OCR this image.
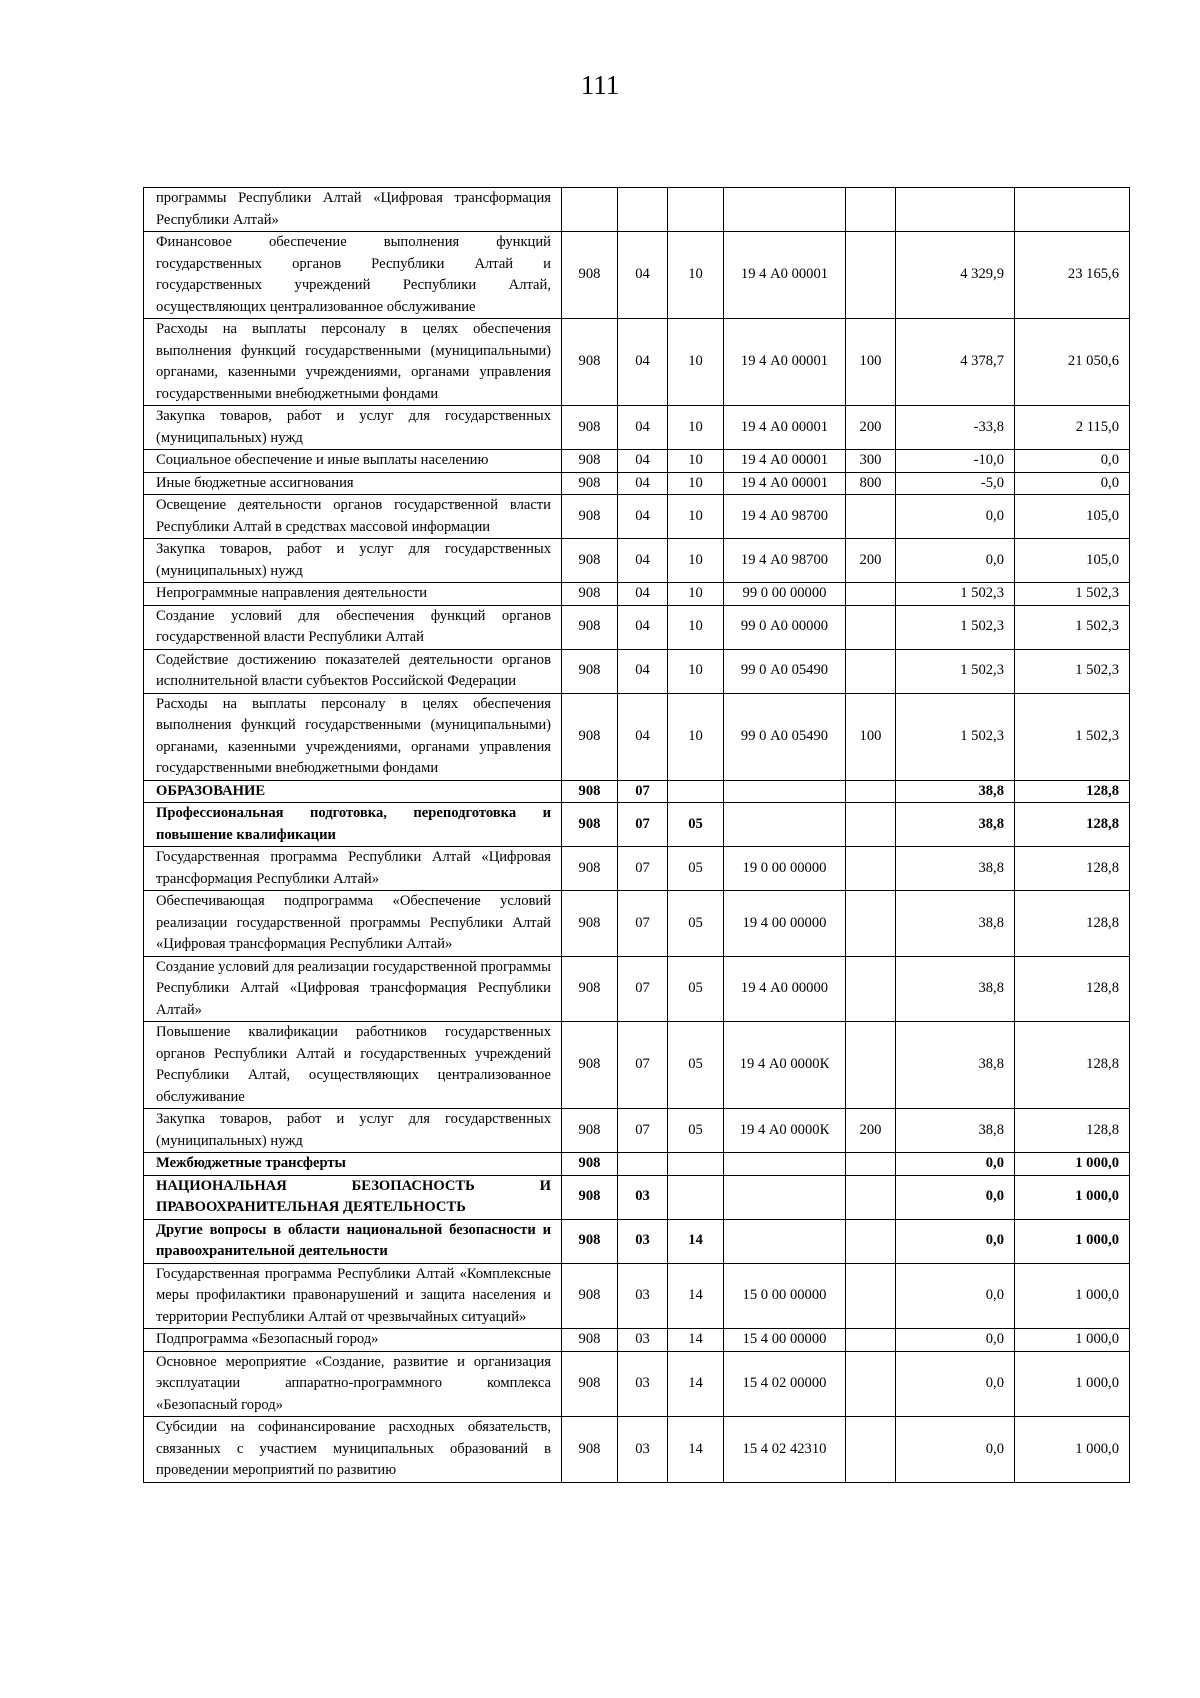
111
программы Республики Алтай «Цифровая трансформация Республики Алтай»							
Финансовое обеспечение выполнения функций государственных органов Республики Алтай и государственных учреждений Республики Алтай, осуществляющих централизованное обслуживание	908	04	10	19 4 А0 00001		4 329,9	23 165,6
Расходы на выплаты персоналу в целях обеспечения выполнения функций государственными (муниципальными) органами, казенными учреждениями, органами управления государственными внебюджетными фондами	908	04	10	19 4 А0 00001	100	4 378,7	21 050,6
Закупка товаров, работ и услуг для государственных (муниципальных) нужд	908	04	10	19 4 А0 00001	200	-33,8	2 115,0
Социальное обеспечение и иные выплаты населению	908	04	10	19 4 А0 00001	300	-10,0	0,0
Иные бюджетные ассигнования	908	04	10	19 4 А0 00001	800	-5,0	0,0
Освещение деятельности органов государственной власти Республики Алтай в средствах массовой информации	908	04	10	19 4 А0 98700		0,0	105,0
Закупка товаров, работ и услуг для государственных (муниципальных) нужд	908	04	10	19 4 А0 98700	200	0,0	105,0
Непрограммные направления деятельности	908	04	10	99 0 00 00000		1 502,3	1 502,3
Создание условий для обеспечения функций органов государственной власти Республики Алтай	908	04	10	99 0 А0 00000		1 502,3	1 502,3
Содействие достижению показателей деятельности органов исполнительной власти субъектов Российской Федерации	908	04	10	99 0 А0 05490		1 502,3	1 502,3
Расходы на выплаты персоналу в целях обеспечения выполнения функций государственными (муниципальными) органами, казенными учреждениями, органами управления государственными внебюджетными фондами	908	04	10	99 0 А0 05490	100	1 502,3	1 502,3
ОБРАЗОВАНИЕ	908	07				38,8	128,8
Профессиональная подготовка, переподготовка и повышение квалификации	908	07	05			38,8	128,8
Государственная программа Республики Алтай «Цифровая трансформация Республики Алтай»	908	07	05	19 0 00 00000		38,8	128,8
Обеспечивающая подпрограмма «Обеспечение условий реализации государственной программы Республики Алтай «Цифровая трансформация Республики Алтай»	908	07	05	19 4 00 00000		38,8	128,8
Создание условий для реализации государственной программы Республики Алтай «Цифровая трансформация Республики Алтай»	908	07	05	19 4 А0 00000		38,8	128,8
Повышение квалификации работников государственных органов Республики Алтай и государственных учреждений Республики Алтай, осуществляющих централизованное обслуживание	908	07	05	19 4 А0 0000К		38,8	128,8
Закупка товаров, работ и услуг для государственных (муниципальных) нужд	908	07	05	19 4 А0 0000К	200	38,8	128,8
Межбюджетные трансферты	908					0,0	1 000,0
НАЦИОНАЛЬНАЯ БЕЗОПАСНОСТЬ И ПРАВООХРАНИТЕЛЬНАЯ ДЕЯТЕЛЬНОСТЬ	908	03				0,0	1 000,0
Другие вопросы в области национальной безопасности и правоохранительной деятельности	908	03	14			0,0	1 000,0
Государственная программа Республики Алтай «Комплексные меры профилактики правонарушений и защита населения и территории Республики Алтай от чрезвычайных ситуаций»	908	03	14	15 0 00 00000		0,0	1 000,0
Подпрограмма «Безопасный город»	908	03	14	15 4 00 00000		0,0	1 000,0
Основное мероприятие «Создание, развитие и организация эксплуатации аппаратно-программного комплекса «Безопасный город»	908	03	14	15 4 02 00000		0,0	1 000,0
Субсидии на софинансирование расходных обязательств, связанных с участием муниципальных образований в проведении мероприятий по развитию	908	03	14	15 4 02 42310		0,0	1 000,0
